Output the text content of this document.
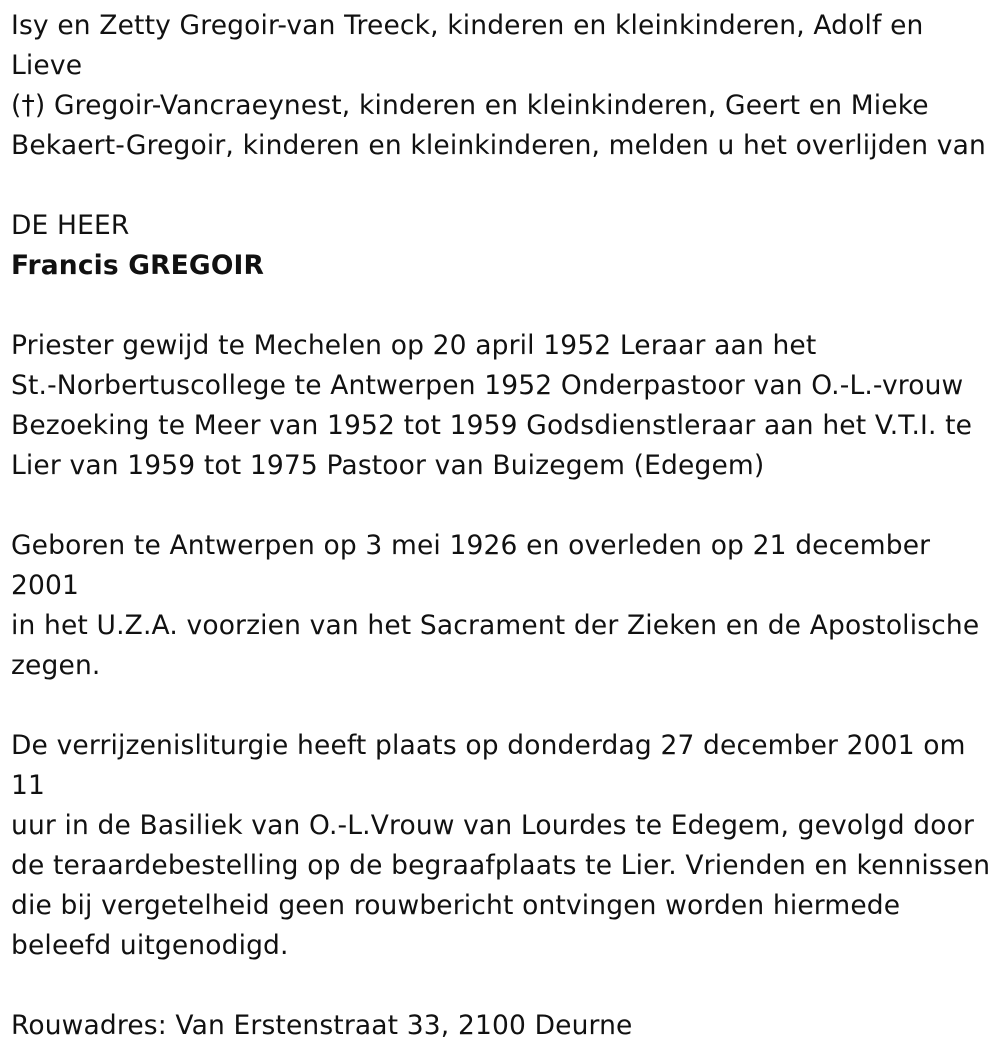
Isy en Zetty Gregoir-van Treeck, kinderen en kleinkinderen, Adolf en Lieve

(†) Gregoir-Vancraeynest, kinderen en kleinkinderen, Geert en Mieke

Bekaert-Gregoir, kinderen en kleinkinderen, melden u het overlijden van

DE HEER

Francis GREGOIR

Priester gewijd te Mechelen op 20 april 1952 Leraar aan het

St.-Norbertuscollege te Antwerpen 1952 Onderpastoor van O.-L.-vrouw

Bezoeking te Meer van 1952 tot 1959 Godsdienstleraar aan het V.T.I. te

Lier van 1959 tot 1975 Pastoor van Buizegem (Edegem)

Geboren te Antwerpen op 3 mei 1926 en overleden op 21 december 2001

in het U.Z.A. voorzien van het Sacrament der Zieken en de Apostolische

zegen.

De verrijzenisliturgie heeft plaats op donderdag 27 december 2001 om 11

uur in de Basiliek van O.-L.Vrouw van Lourdes te Edegem, gevolgd door

de teraardebestelling op de begraafplaats te Lier. Vrienden en kennissen

die bij vergetelheid geen rouwbericht ontvingen worden hiermede

beleefd uitgenodigd.

Rouwadres: Van Erstenstraat 33, 2100 Deurne
